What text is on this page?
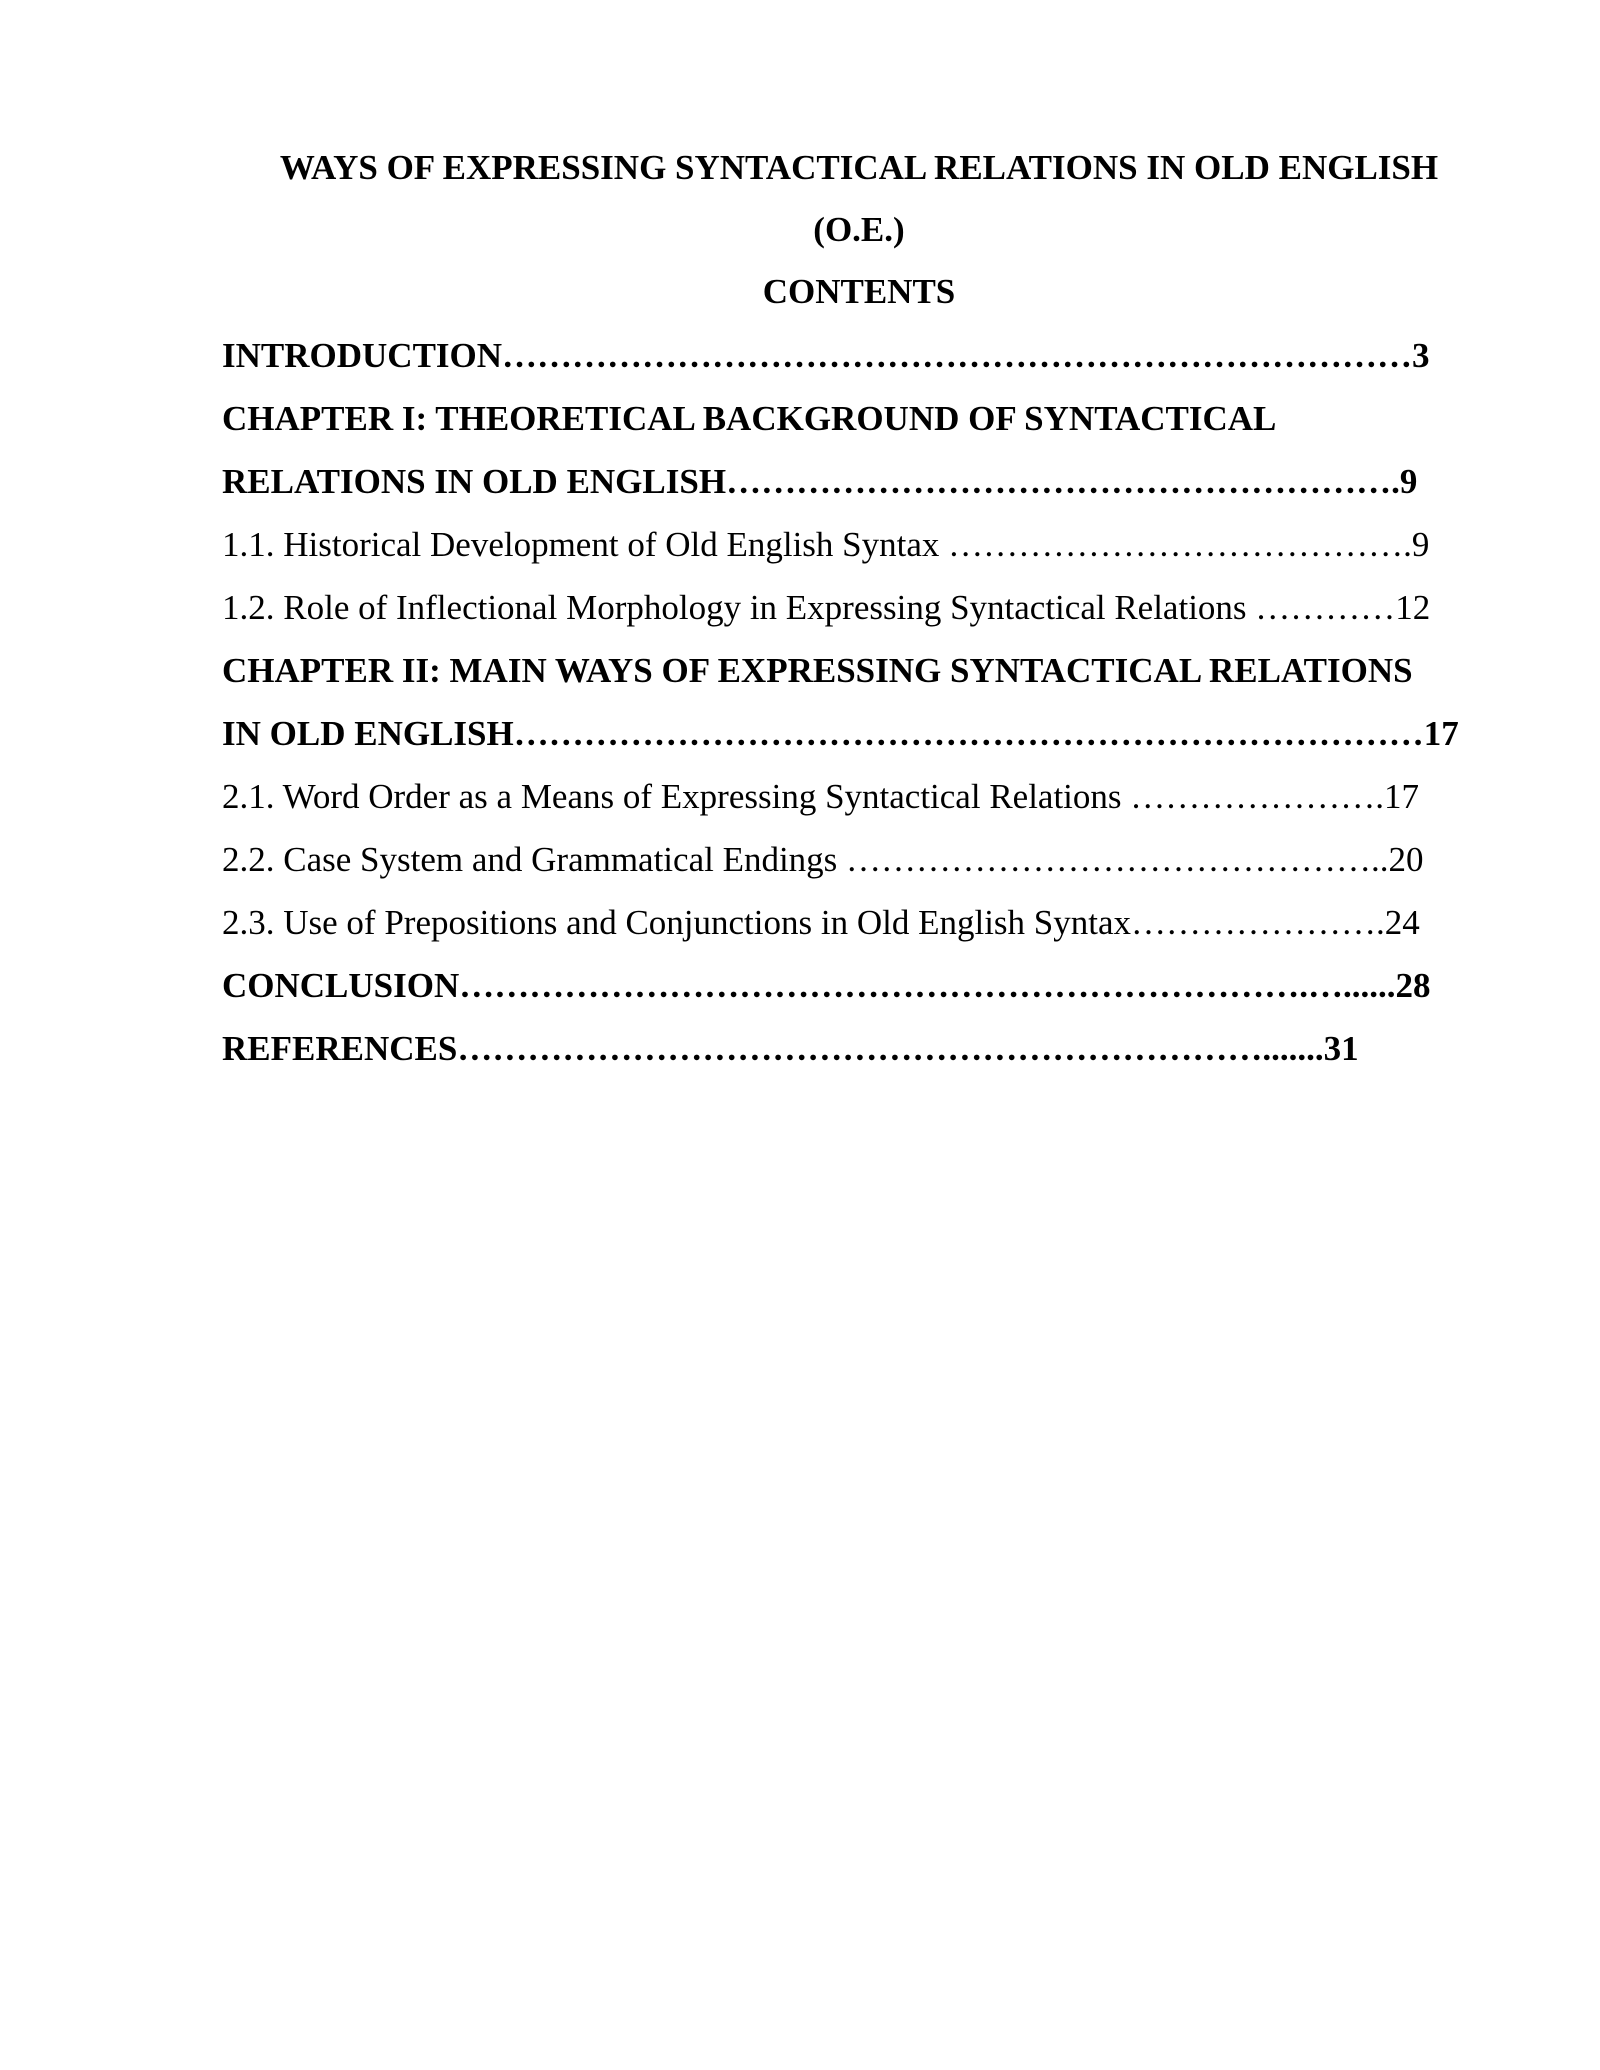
WAYS OF EXPRESSING SYNTACTICAL RELATIONS IN OLD ENGLISH
(O.E.)
CONTENTS
INTRODUCTION……………………………………………………………………3
CHAPTER I: THEORETICAL BACKGROUND OF SYNTACTICAL
RELATIONS IN OLD ENGLISH………………………………………………….9
1.1. Historical Development of Old English Syntax ………………………………….9
1.2. Role of Inflectional Morphology in Expressing Syntactical Relations …………12
CHAPTER II: MAIN WAYS OF EXPRESSING SYNTACTICAL RELATIONS
IN OLD ENGLISH……………………………………………………………………17
2.1. Word Order as a Means of Expressing Syntactical Relations ………………….17
2.2. Case System and Grammatical Endings ………………………………………..20
2.3. Use of Prepositions and Conjunctions in Old English Syntax………………….24
CONCLUSION……………………………………………………………….…......28
REFERENCES…………………………………………………………….......31
